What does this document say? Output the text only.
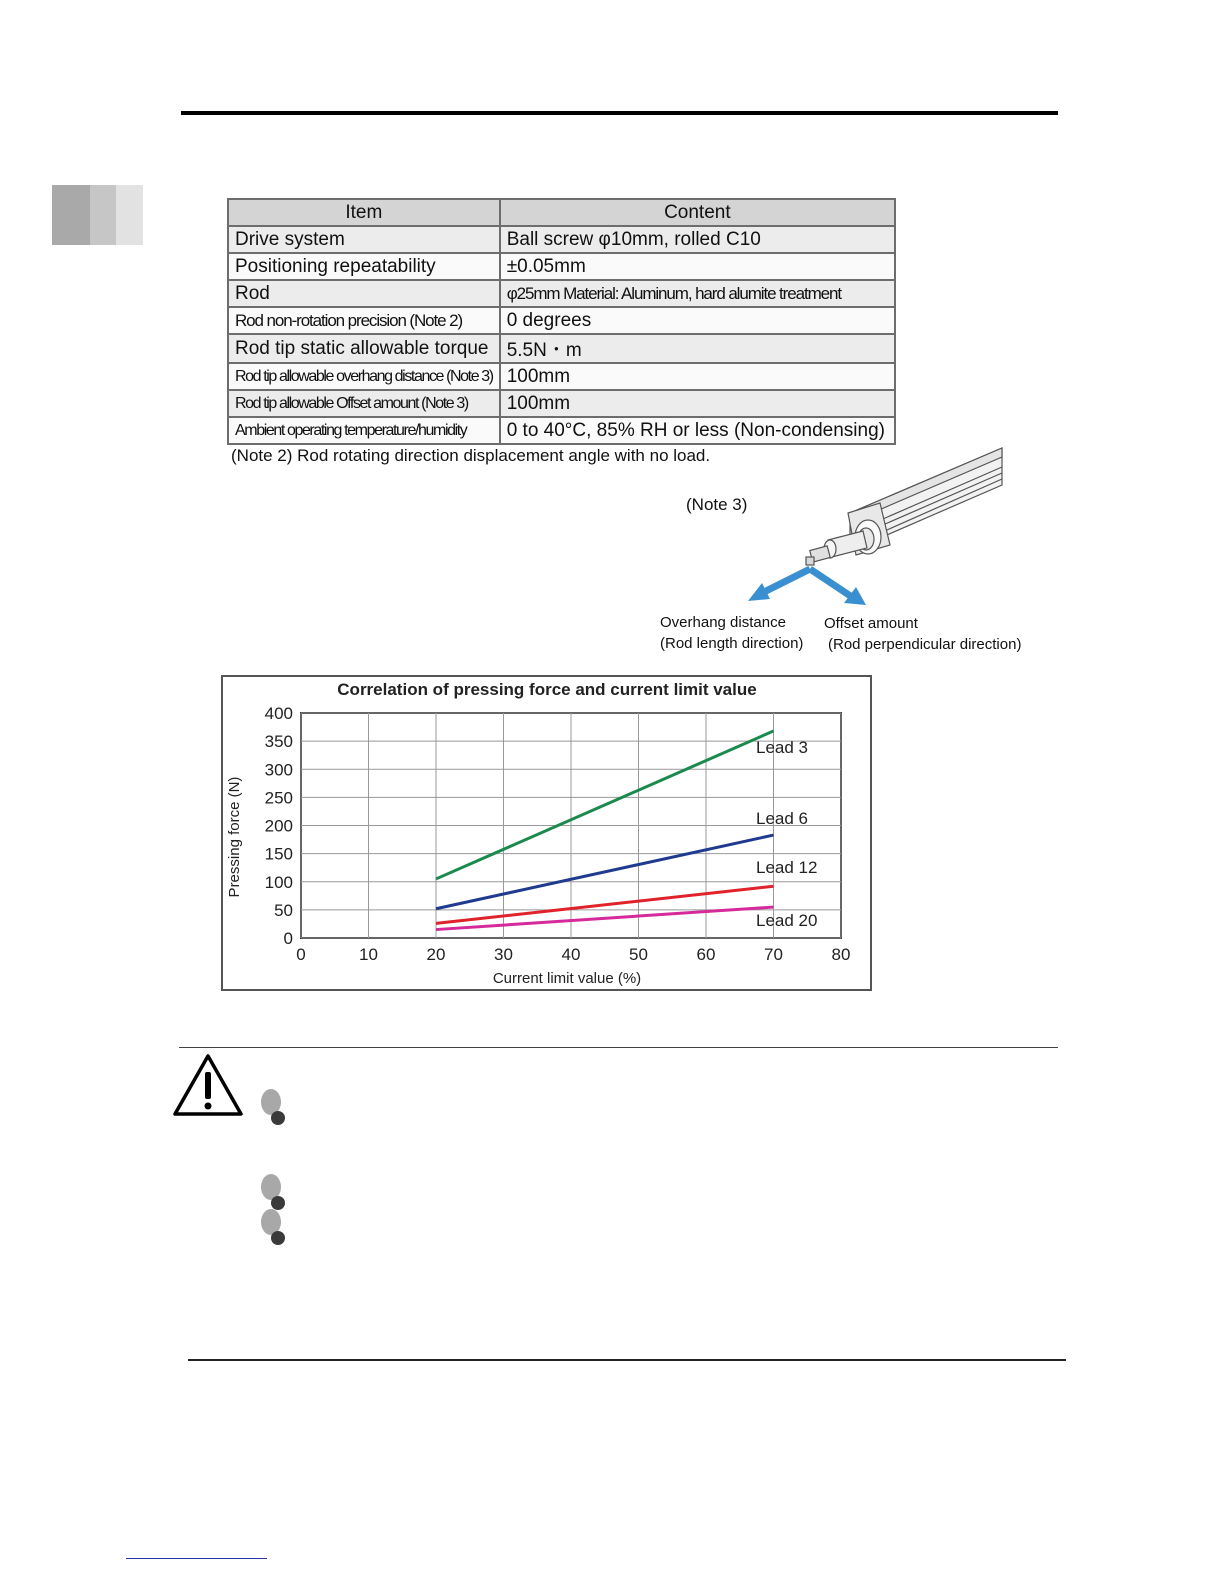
Item	Content
Drive system	Ball screw φ10mm, rolled C10
Positioning repeatability	±0.05mm
Rod	φ25mm Material: Aluminum, hard alumite treatment
Rod non-rotation precision (Note 2)	0 degrees
Rod tip static allowable torque	5.5N・m
Rod tip allowable overhang distance (Note 3)	100mm
Rod tip allowable Offset amount (Note 3)	100mm
Ambient operating temperature/humidity	0 to 40°C, 85% RH or less (Non-condensing)
(Note 2) Rod rotating direction displacement angle with no load.
(Note 3)
Overhang distance
(Rod length direction)
Offset amount
(Rod perpendicular direction)
Correlation of pressing force and current limit value
0	10	20	30	40	50	60	70	80
0
50
100
150
200
250
300
350
400
Lead 3
Lead 6
Lead 12
Lead 20
Current limit value (%)
Pressing force (N)
